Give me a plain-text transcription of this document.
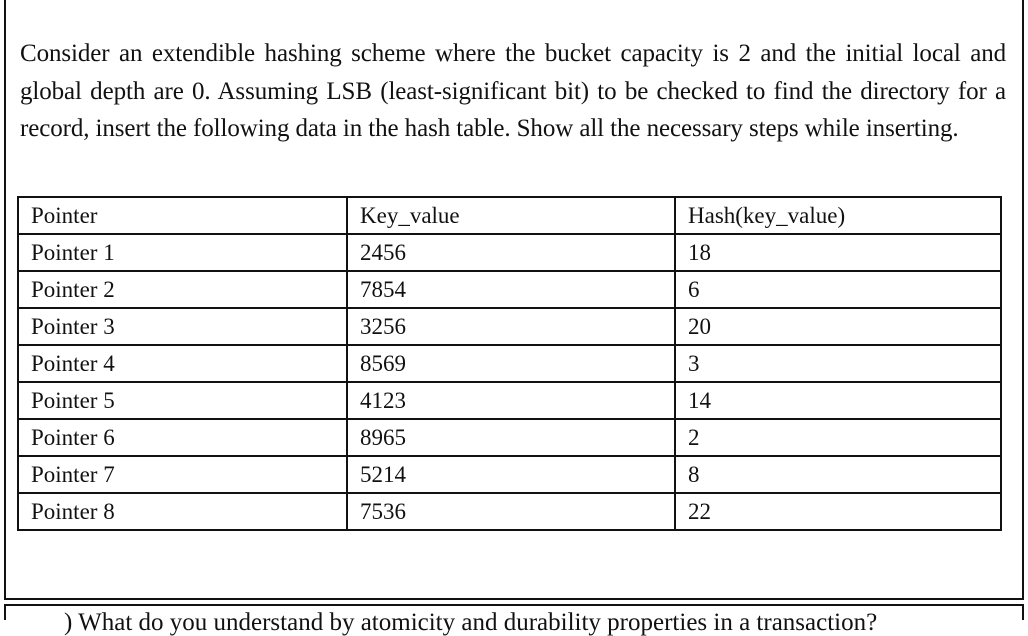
Consider an extendible hashing scheme where the bucket capacity is 2 and the initial local and global depth are 0. Assuming LSB (least-significant bit) to be checked to find the directory for a record, insert the following data in the hash table. Show all the necessary steps while inserting.

Pointer	Key_value	Hash(key_value)
Pointer 1	2456	18
Pointer 2	7854	6
Pointer 3	3256	20
Pointer 4	8569	3
Pointer 5	4123	14
Pointer 6	8965	2
Pointer 7	5214	8
Pointer 8	7536	22
) What do you understand by atomicity and durability properties in a transaction?
